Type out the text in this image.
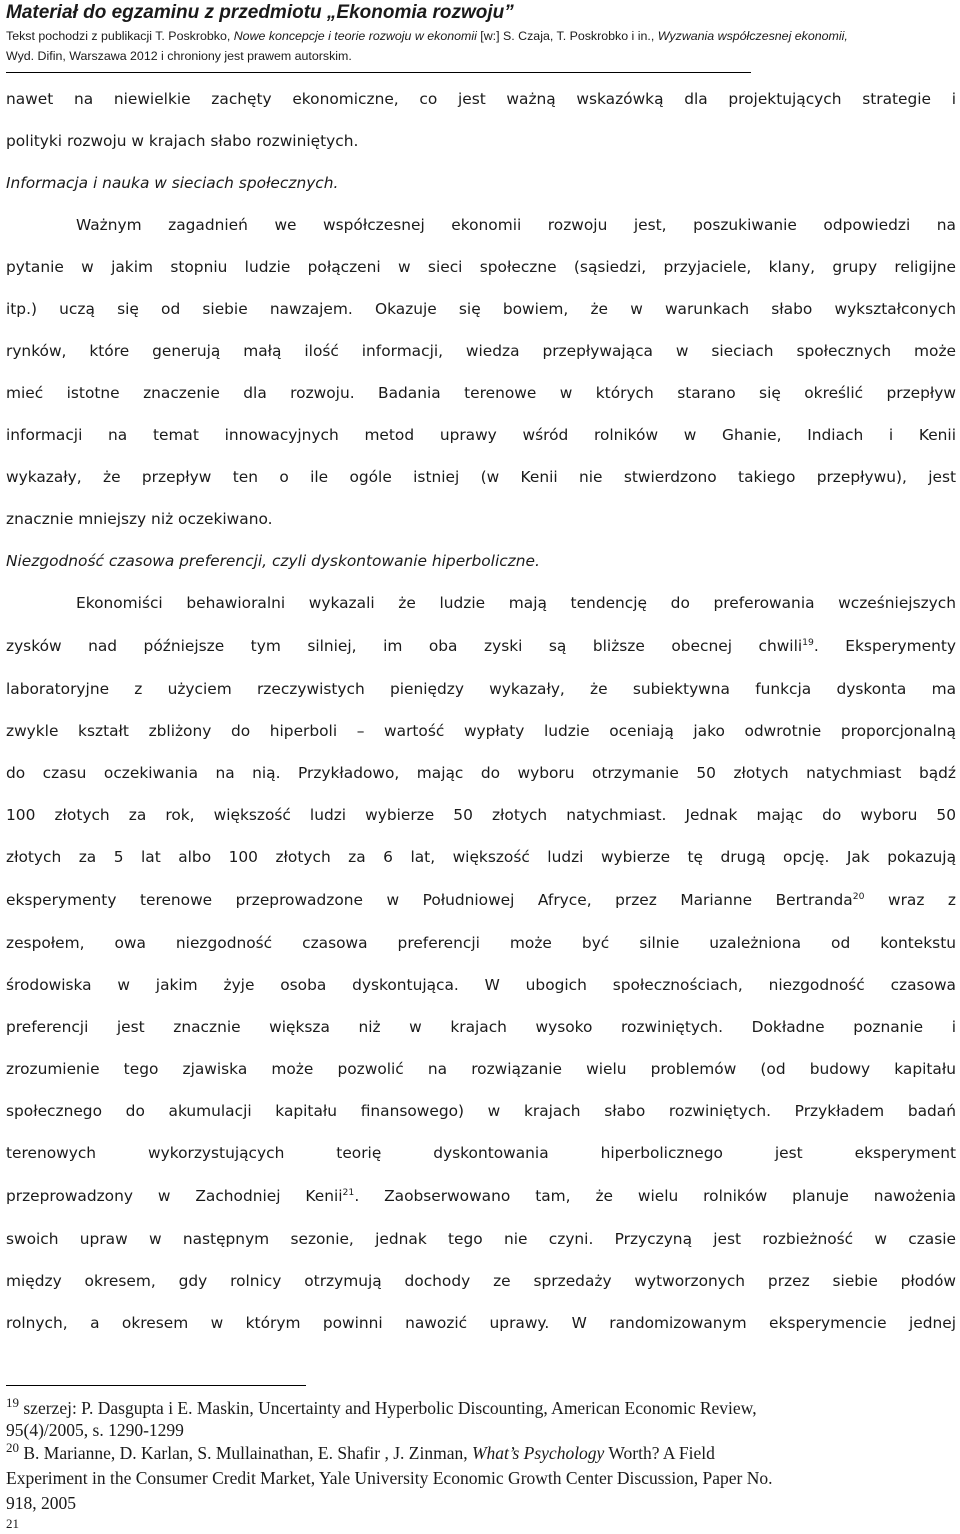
Materiał do egzaminu z przedmiotu „Ekonomia rozwoju”
Tekst pochodzi z publikacji T. Poskrobko, Nowe koncepcje i teorie rozwoju w ekonomii [w:] S. Czaja, T. Poskrobko i in., Wyzwania współczesnej ekonomii,
Wyd. Difin, Warszawa 2012 i chroniony jest prawem autorskim.
nawet na niewielkie zachęty ekonomiczne, co jest ważną wskazówką dla projektujących strategie i
polityki rozwoju w krajach słabo rozwiniętych.
Informacja i nauka w sieciach społecznych.
Ważnym zagadnień we współczesnej ekonomii rozwoju jest, poszukiwanie odpowiedzi na
pytanie w jakim stopniu ludzie połączeni w sieci społeczne (sąsiedzi, przyjaciele, klany, grupy religijne
itp.) uczą się od siebie nawzajem. Okazuje się bowiem, że w warunkach słabo wykształconych
rynków, które generują małą ilość informacji, wiedza przepływająca w sieciach społecznych może
mieć istotne znaczenie dla rozwoju. Badania terenowe w których starano się określić przepływ
informacji na temat innowacyjnych metod uprawy wśród rolników w Ghanie, Indiach i Kenii
wykazały, że przepływ ten o ile ogóle istniej (w Kenii nie stwierdzono takiego przepływu), jest
znacznie mniejszy niż oczekiwano.
Niezgodność czasowa preferencji, czyli dyskontowanie hiperboliczne.
Ekonomiści behawioralni wykazali że ludzie mają tendencję do preferowania wcześniejszych
zysków nad późniejsze tym silniej, im oba zyski są bliższe obecnej chwili$^{19}$. Eksperymenty
laboratoryjne z użyciem rzeczywistych pieniędzy wykazały, że subiektywna funkcja dyskonta ma
zwykle kształt zbliżony do hiperboli – wartość wypłaty ludzie oceniają jako odwrotnie proporcjonalną
do czasu oczekiwania na nią. Przykładowo, mając do wyboru otrzymanie 50 złotych natychmiast bądź
100 złotych za rok, większość ludzi wybierze 50 złotych natychmiast. Jednak mając do wyboru 50
złotych za 5 lat albo 100 złotych za 6 lat, większość ludzi wybierze tę drugą opcję. Jak pokazują
eksperymenty terenowe przeprowadzone w Południowej Afryce, przez Marianne Bertranda$^{20}$ wraz z
zespołem, owa niezgodność czasowa preferencji może być silnie uzależniona od kontekstu
środowiska w jakim żyje osoba dyskontująca. W ubogich społecznościach, niezgodność czasowa
preferencji jest znacznie większa niż w krajach wysoko rozwiniętych. Dokładne poznanie i
zrozumienie tego zjawiska może pozwolić na rozwiązanie wielu problemów (od budowy kapitału
społecznego do akumulacji kapitału finansowego) w krajach słabo rozwiniętych. Przykładem badań
terenowych wykorzystujących teorię dyskontowania hiperbolicznego jest eksperyment
przeprowadzony w Zachodniej Kenii$^{21}$. Zaobserwowano tam, że wielu rolników planuje nawożenia
swoich upraw w następnym sezonie, jednak tego nie czyni. Przyczyną jest rozbieżność w czasie
między okresem, gdy rolnicy otrzymują dochody ze sprzedaży wytworzonych przez siebie płodów
rolnych, a okresem w którym powinni nawozić uprawy. W randomizowanym eksperymencie jednej
$^{19}$ szerzej: P. Dasgupta i E. Maskin, Uncertainty and Hyperbolic Discounting, American Economic Review,
95(4)/2005, s. 1290-1299
$^{20}$ B. Marianne, D. Karlan, S. Mullainathan, E. Shafir , J. Zinman, What’s Psychology Worth? A Field
Experiment in the Consumer Credit Market, Yale University Economic Growth Center Discussion, Paper No.
918, 2005
21
